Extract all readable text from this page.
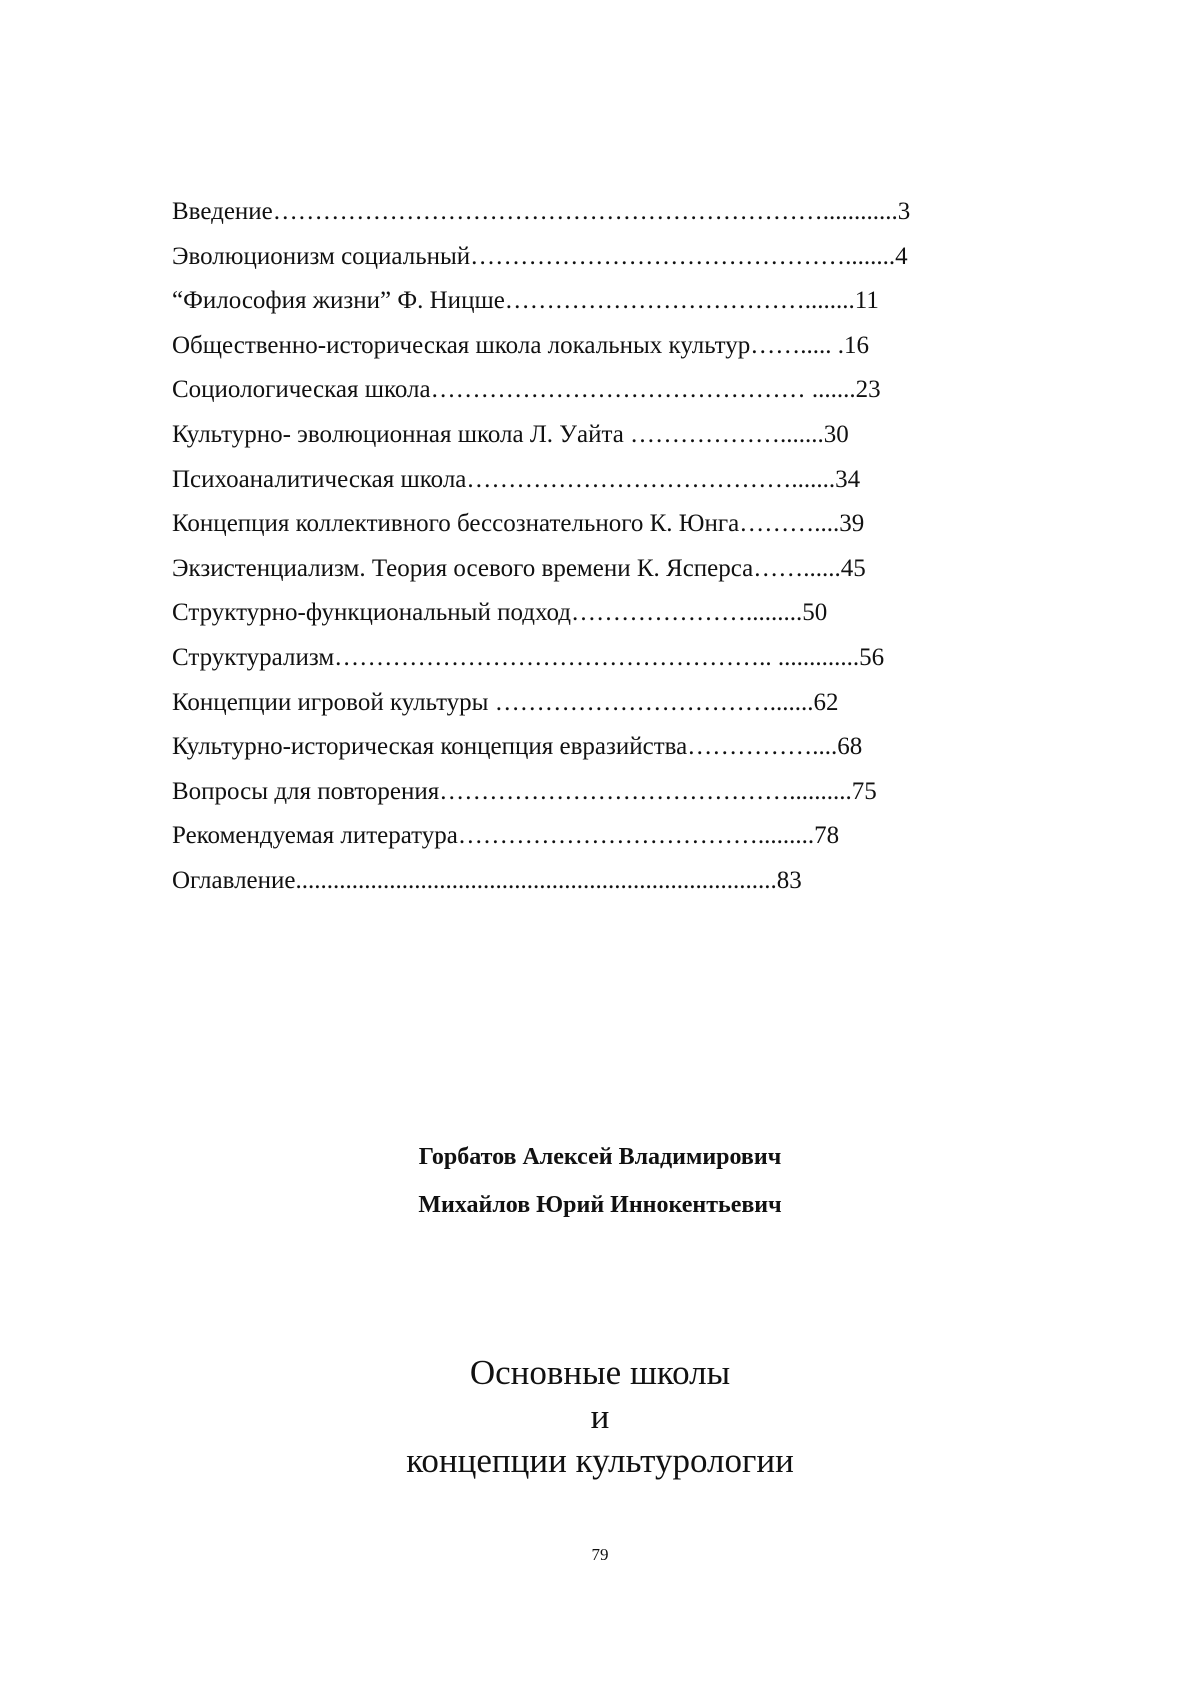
Введение…………………………………………………………............3
Эволюционизм социальный………………………………………........4
“Философия жизни” Ф. Ницше………………………………........11
Общественно-историческая школа локальных культур……..... .16
Социологическая школа……………………………………… .......23
Культурно- эволюционная школа Л. Уайта ……………….......30
Психоаналитическая школа………………………………….......34
Концепция коллективного бессознательного К. Юнга………....39
Экзистенциализм. Теория осевого времени К. Ясперса……......45
Структурно-функциональный подход………………….........50
Структурализм…………………………………………….. .............56
Концепции игровой культуры …………………………….......62
Культурно-историческая концепция евразийства……………....68
Вопросы для повторения……………………………………..........75
Рекомендуемая литература……………………………….........78
Оглавление.............................................................................83
Горбатов Алексей Владимирович
Михайлов Юрий Иннокентьевич
Основные школы
и
концепции культурологии
79
